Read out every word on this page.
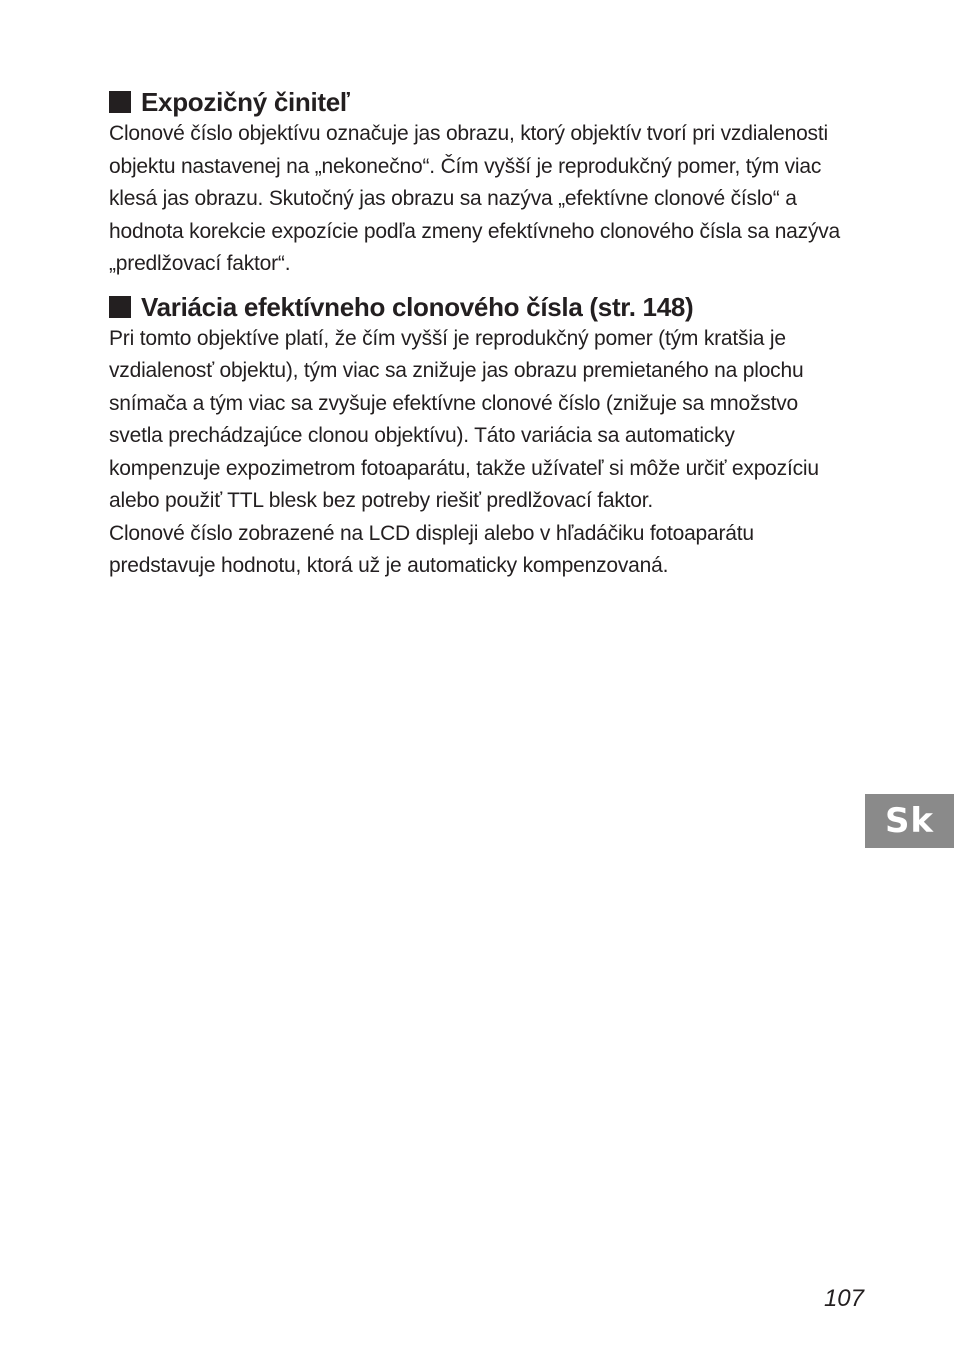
Expozičný činiteľ

Clonové číslo objektívu označuje jas obrazu, ktorý objektív tvorí pri vzdialenosti objektu nastavenej na „nekonečno“. Čím vyšší je reprodukčný pomer, tým viac klesá jas obrazu. Skutočný jas obrazu sa nazýva „efektívne clonové číslo“ a hodnota korekcie expozície podľa zmeny efektívneho clonového čísla sa nazýva „predlžovací faktor“.

Variácia efektívneho clonového čísla (str. 148)

Pri tomto objektíve platí, že čím vyšší je reprodukčný pomer (tým kratšia je vzdialenosť objektu), tým viac sa znižuje jas obrazu premietaného na plochu snímača a tým viac sa zvyšuje efektívne clonové číslo (znižuje sa množstvo svetla prechádzajúce clonou objektívu). Táto variácia sa automaticky kompenzuje expozimetrom fotoaparátu, takže užívateľ si môže určiť expozíciu alebo použiť TTL blesk bez potreby riešiť predlžovací faktor.

Clonové číslo zobrazené na LCD displeji alebo v hľadáčiku fotoaparátu predstavuje hodnotu, ktorá už je automaticky kompenzovaná.

Sk
107
